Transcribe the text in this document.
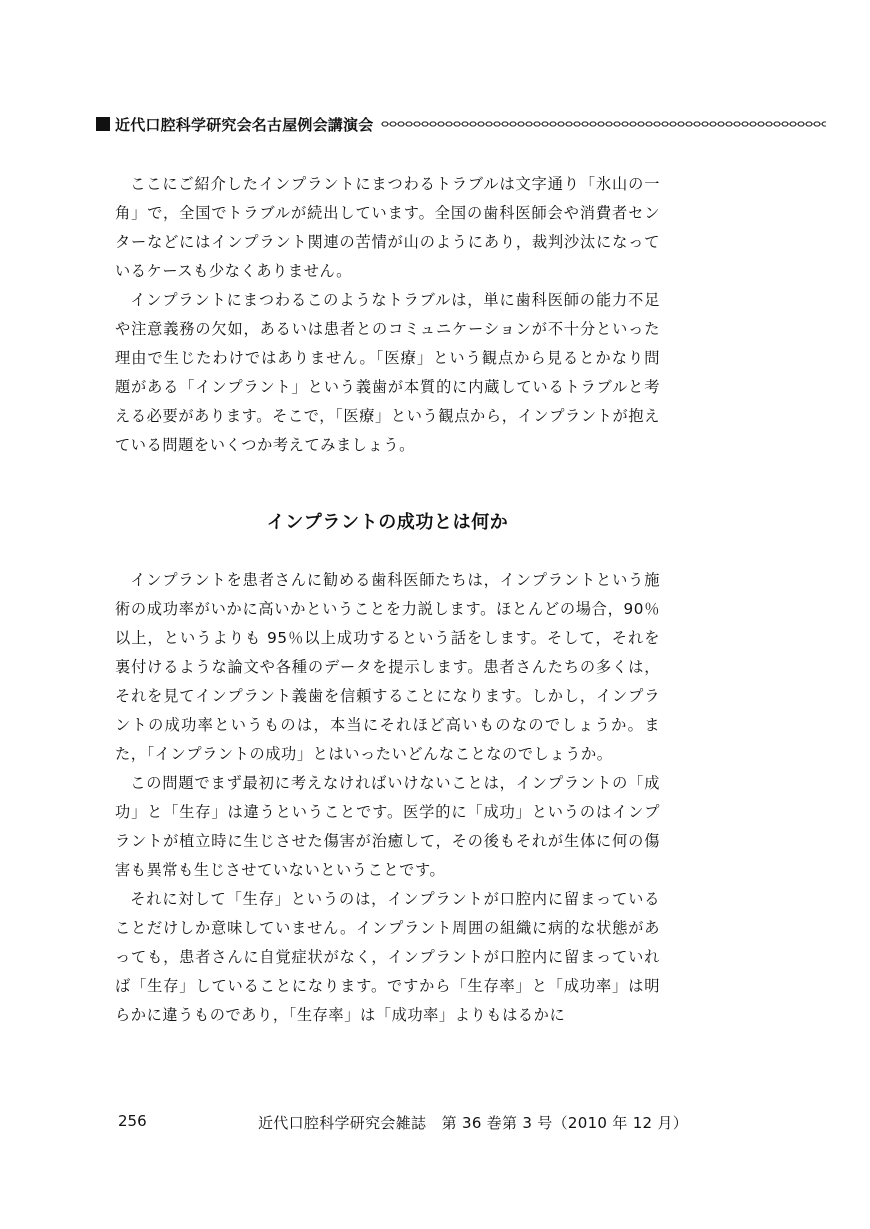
近代口腔科学研究会名古屋例会講演会

ここにご紹介したインプラントにまつわるトラブルは文字通り「氷山の一角」で，全国でトラブルが続出しています。全国の歯科医師会や消費者センターなどにはインプラント関連の苦情が山のようにあり，裁判沙汰になっているケースも少なくありません。

インプラントにまつわるこのようなトラブルは，単に歯科医師の能力不足や注意義務の欠如，あるいは患者とのコミュニケーションが不十分といった理由で生じたわけではありません。「医療」という観点から見るとかなり問題がある「インプラント」という義歯が本質的に内蔵しているトラブルと考える必要があります。そこで，「医療」という観点から，インプラントが抱えている問題をいくつか考えてみましょう。

インプラントの成功とは何か

インプラントを患者さんに勧める歯科医師たちは，インプラントという施術の成功率がいかに高いかということを力説します。ほとんどの場合，90％以上，というよりも 95％以上成功するという話をします。そして，それを裏付けるような論文や各種のデータを提示します。患者さんたちの多くは，それを見てインプラント義歯を信頼することになります。しかし，インプラントの成功率というものは，本当にそれほど高いものなのでしょうか。また，「インプラントの成功」とはいったいどんなことなのでしょうか。

この問題でまず最初に考えなければいけないことは，インプラントの「成功」と「生存」は違うということです。医学的に「成功」というのはインプラントが植立時に生じさせた傷害が治癒して，その後もそれが生体に何の傷害も異常も生じさせていないということです。

それに対して「生存」というのは，インプラントが口腔内に留まっていることだけしか意味していません。インプラント周囲の組織に病的な状態があっても，患者さんに自覚症状がなく，インプラントが口腔内に留まっていれば「生存」していることになります。ですから「生存率」と「成功率」は明らかに違うものであり，「生存率」は「成功率」よりもはるかに

256	近代口腔科学研究会雑誌　第 36 巻第 3 号（2010 年 12 月）
